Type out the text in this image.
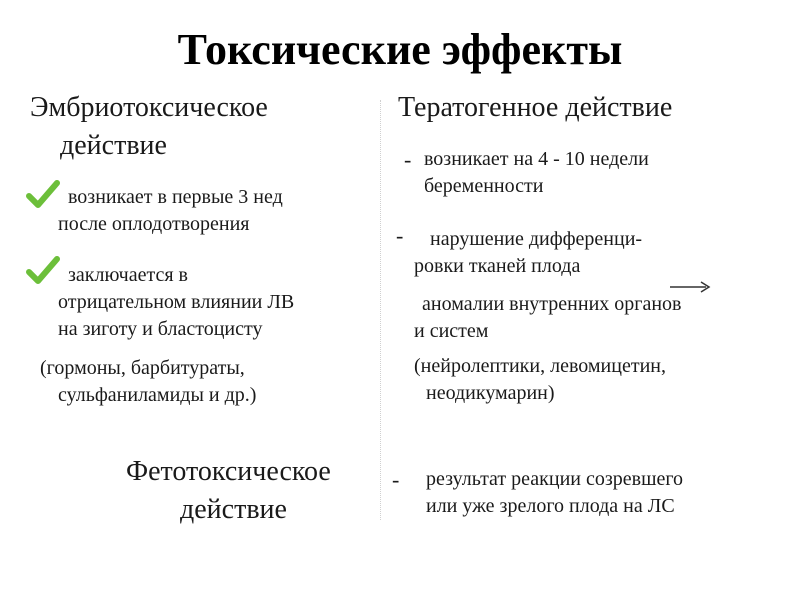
Токсические эффекты
Эмбриотоксическое
действие
возникает в первые 3 нед
после оплодотворения
заключается в
отрицательном влиянии ЛВ
на зиготу и бластоцисту
(гормоны, барбитураты,
сульфаниламиды и др.)
Фетотоксическое
действие
Тератогенное действие
- возникает на 4 - 10 недели
беременности
- нарушение дифференци-
ровки тканей плода
аномалии внутренних органов
и систем
(нейролептики, левомицетин,
неодикумарин)
- результат реакции созревшего
или уже зрелого плода на ЛС
